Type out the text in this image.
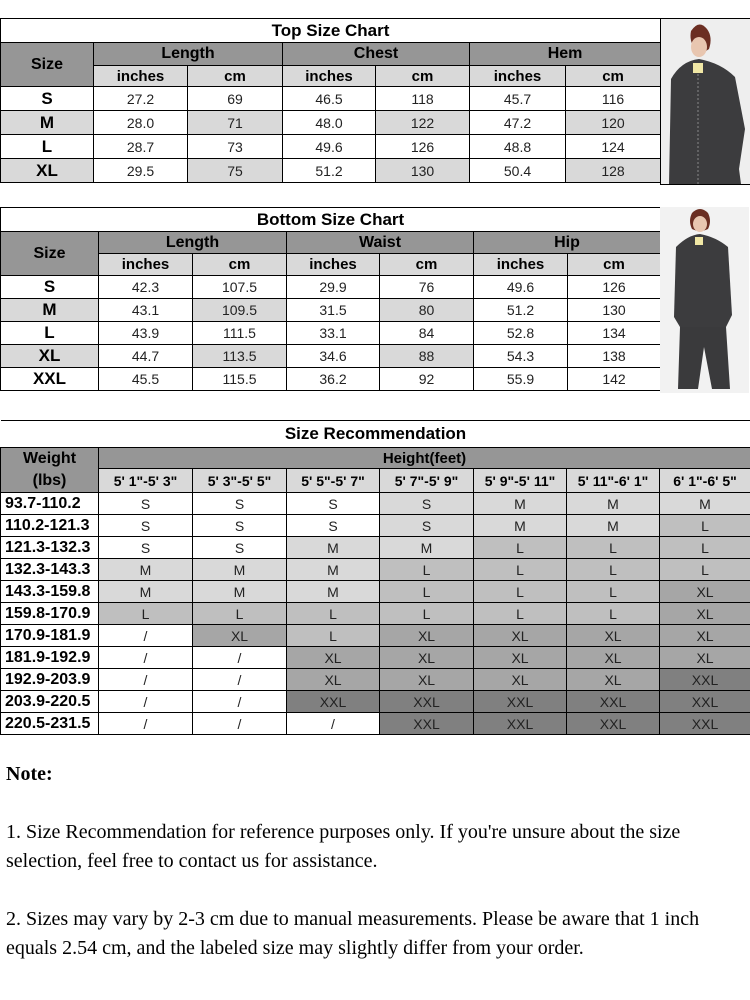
Top Size Chart						
Size	Length		Chest		Hem	
	inches	cm	inches	cm	inches	cm
S	27.2	69	46.5	118	45.7	116
M	28.0	71	48.0	122	47.2	120
L	28.7	73	49.6	126	48.8	124
XL	29.5	75	51.2	130	50.4	128
Bottom Size Chart						
Size	Length		Waist		Hip	
	inches	cm	inches	cm	inches	cm
S	42.3	107.5	29.9	76	49.6	126
M	43.1	109.5	31.5	80	51.2	130
L	43.9	111.5	33.1	84	52.8	134
XL	44.7	113.5	34.6	88	54.3	138
XXL	45.5	115.5	36.2	92	55.9	142
Size Recommendation							

Weight
(lbs)	Height(feet)						
	5' 1"-5' 3"	5' 3"-5' 5"	5' 5"-5' 7"	5' 7"-5' 9"	5' 9"-5' 11"	5' 11"-6' 1"	6' 1"-6' 5"
93.7-110.2	S	S	S	S	M	M	M
110.2-121.3	S	S	S	S	M	M	L
121.3-132.3	S	S	M	M	L	L	L
132.3-143.3	M	M	M	L	L	L	L
143.3-159.8	M	M	M	L	L	L	XL
159.8-170.9	L	L	L	L	L	L	XL
170.9-181.9	/	XL	L	XL	XL	XL	XL
181.9-192.9	/	/	XL	XL	XL	XL	XL
192.9-203.9	/	/	XL	XL	XL	XL	XXL
203.9-220.5	/	/	XXL	XXL	XXL	XXL	XXL
220.5-231.5	/	/	/	XXL	XXL	XXL	XXL
Note:

1. Size Recommendation for reference purposes only. If you're unsure about the size selection, feel free to contact us for assistance.

2. Sizes may vary by 2-3 cm due to manual measurements. Please be aware that 1 inch equals 2.54 cm, and the labeled size may slightly differ from your order.
